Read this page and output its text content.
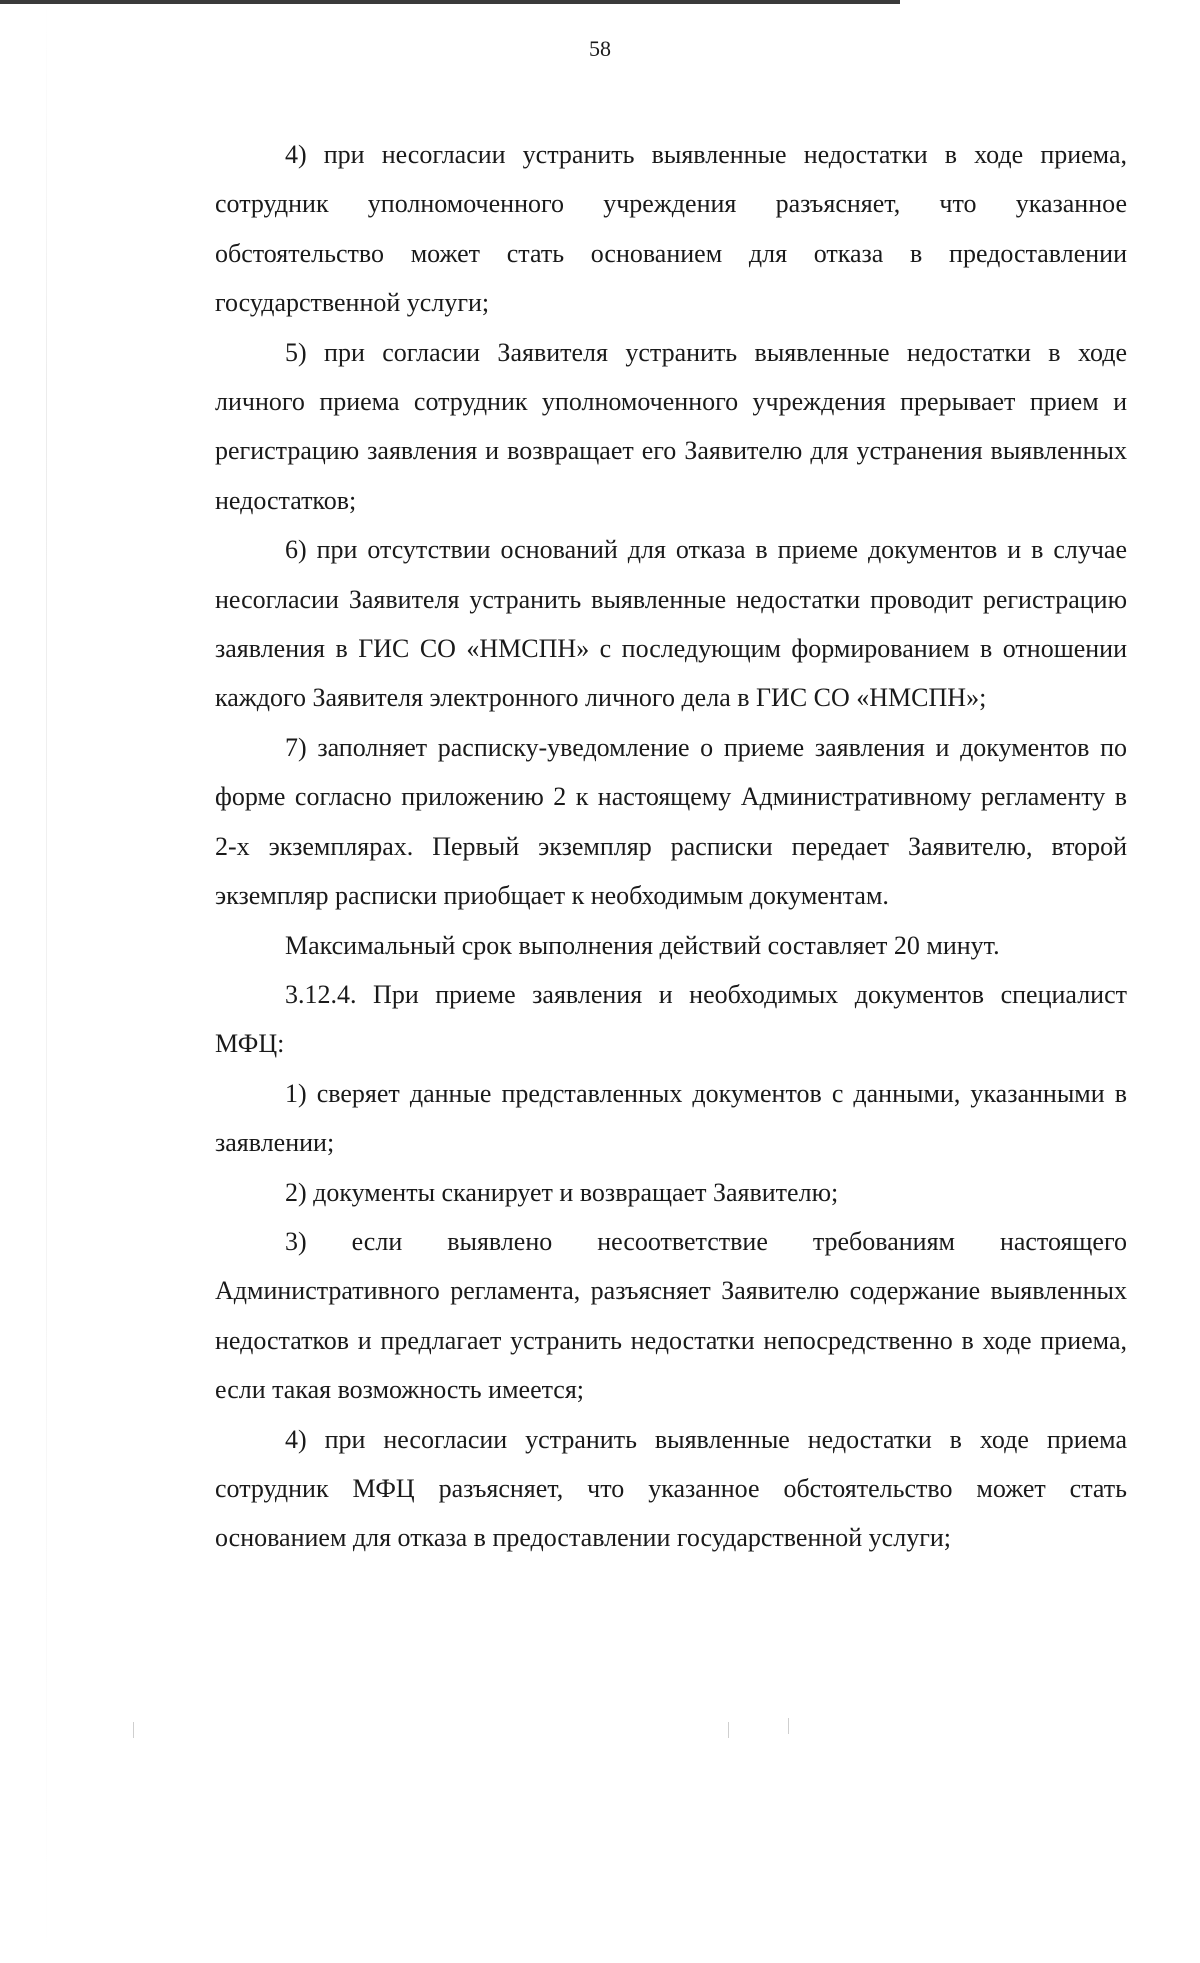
58

4) при несогласии устранить выявленные недостатки в ходе приема, сотрудник уполномоченного учреждения разъясняет, что указанное обстоятельство может стать основанием для отказа в предоставлении государственной услуги;

5) при согласии Заявителя устранить выявленные недостатки в ходе личного приема сотрудник уполномоченного учреждения прерывает прием и регистрацию заявления и возвращает его Заявителю для устранения выявленных недостатков;

6) при отсутствии оснований для отказа в приеме документов и в случае несогласии Заявителя устранить выявленные недостатки проводит регистрацию заявления в ГИС СО «НМСПН» с последующим формированием в отношении каждого Заявителя электронного личного дела в ГИС СО «НМСПН»;

7) заполняет расписку-уведомление о приеме заявления и документов по форме согласно приложению 2 к настоящему Административному регламенту в 2-х экземплярах. Первый экземпляр расписки передает Заявителю, второй экземпляр расписки приобщает к необходимым документам.

Максимальный срок выполнения действий составляет 20 минут.

3.12.4. При приеме заявления и необходимых документов специалист МФЦ:

1) сверяет данные представленных документов с данными, указанными в заявлении;

2) документы сканирует и возвращает Заявителю;

3) если выявлено несоответствие требованиям настоящего Административного регламента, разъясняет Заявителю содержание выявленных недостатков и предлагает устранить недостатки непосредственно в ходе приема, если такая возможность имеется;

4) при несогласии устранить выявленные недостатки в ходе приема сотрудник МФЦ разъясняет, что указанное обстоятельство может стать основанием для отказа в предоставлении государственной услуги;
